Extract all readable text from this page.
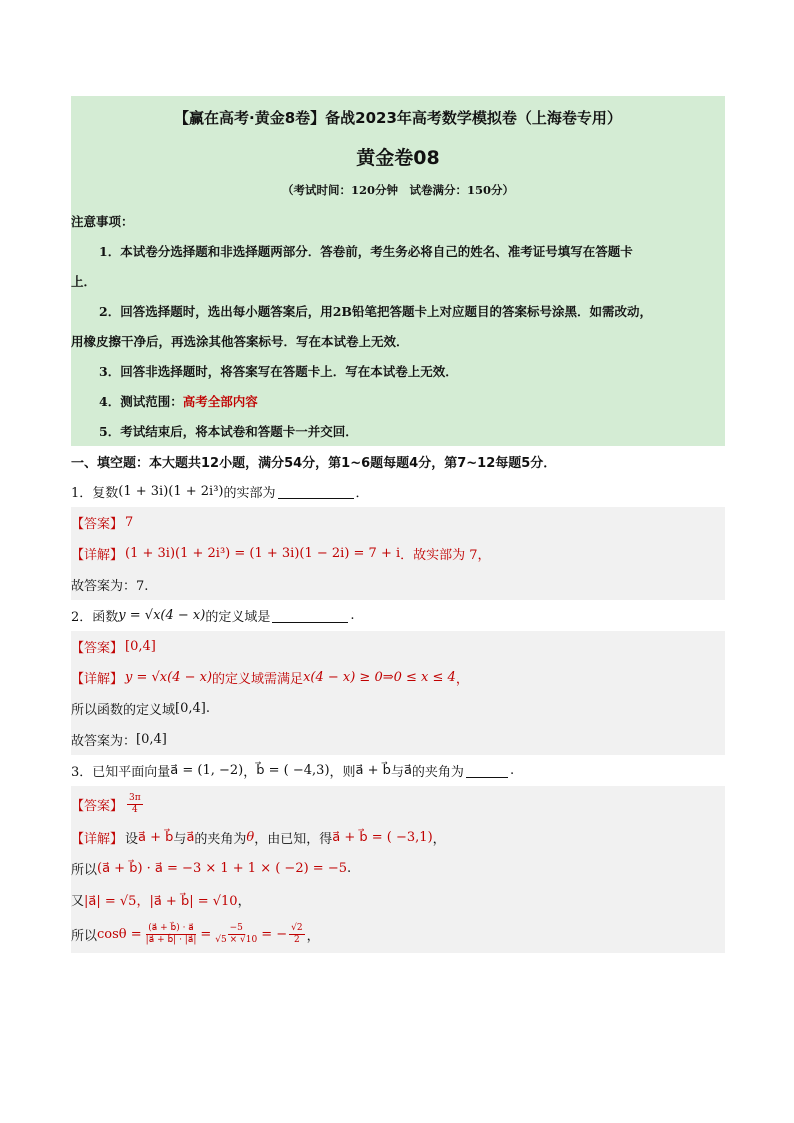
【赢在高考·黄金8卷】备战2023年高考数学模拟卷（上海卷专用）
黄金卷08
（考试时间：120分钟　试卷满分：150分）
注意事项：
1．本试卷分选择题和非选择题两部分．答卷前，考生务必将自己的姓名、准考证号填写在答题卡
上．
2．回答选择题时，选出每小题答案后，用2B铅笔把答题卡上对应题目的答案标号涂黑．如需改动，
用橡皮擦干净后，再选涂其他答案标号．写在本试卷上无效．
3．回答非选择题时，将答案写在答题卡上．写在本试卷上无效．
4．测试范围： 高考全部内容
5．考试结束后，将本试卷和答题卡一并交回．
一、填空题：本大题共12小题，满分54分，第1~6题每题4分，第7~12每题5分．
1．复数 (1 + 3i)(1 + 2i³) 的实部为	．
【答案】 7
【详解】 (1 + 3i)(1 + 2i³) = (1 + 3i)(1 − 2i) = 7 + i ．故实部为 7，
故答案为：7.
2．函数 y = √x(4 − x) 的定义域是	.
【答案】 [0,4]
【详解】 y = √x(4 − x) 的定义域需满足 x(4 − x) ≥ 0⇒0 ≤ x ≤ 4 ，
所以函数的定义域 [0,4] .
故答案为： [0,4]
3．已知平面向量 a⃗ = (1, −2) ， b⃗ = ( −4,3) ，则 a⃗ + b⃗ 与 a⃗ 的夹角为	.
【答案】 $\frac{3\pi}{4}$
【详解】 设 a⃗ + b⃗ 与 a⃗ 的夹角为 θ ，由已知，得 a⃗ + b⃗ = ( −3,1) ，
所以 (a⃗ + b⃗) · a⃗ = −3 × 1 + 1 × ( −2) = −5 .
又 |a⃗| = √5，|a⃗ + b⃗| = √10 ，
所以 $\cos\theta = \frac{(a⃗ + b⃗) \cdot a⃗}{|a⃗ + b⃗| \cdot |a⃗|} = \frac{-5}{√5 \times √10}$ = − $\frac{√2}{2}$ ，
